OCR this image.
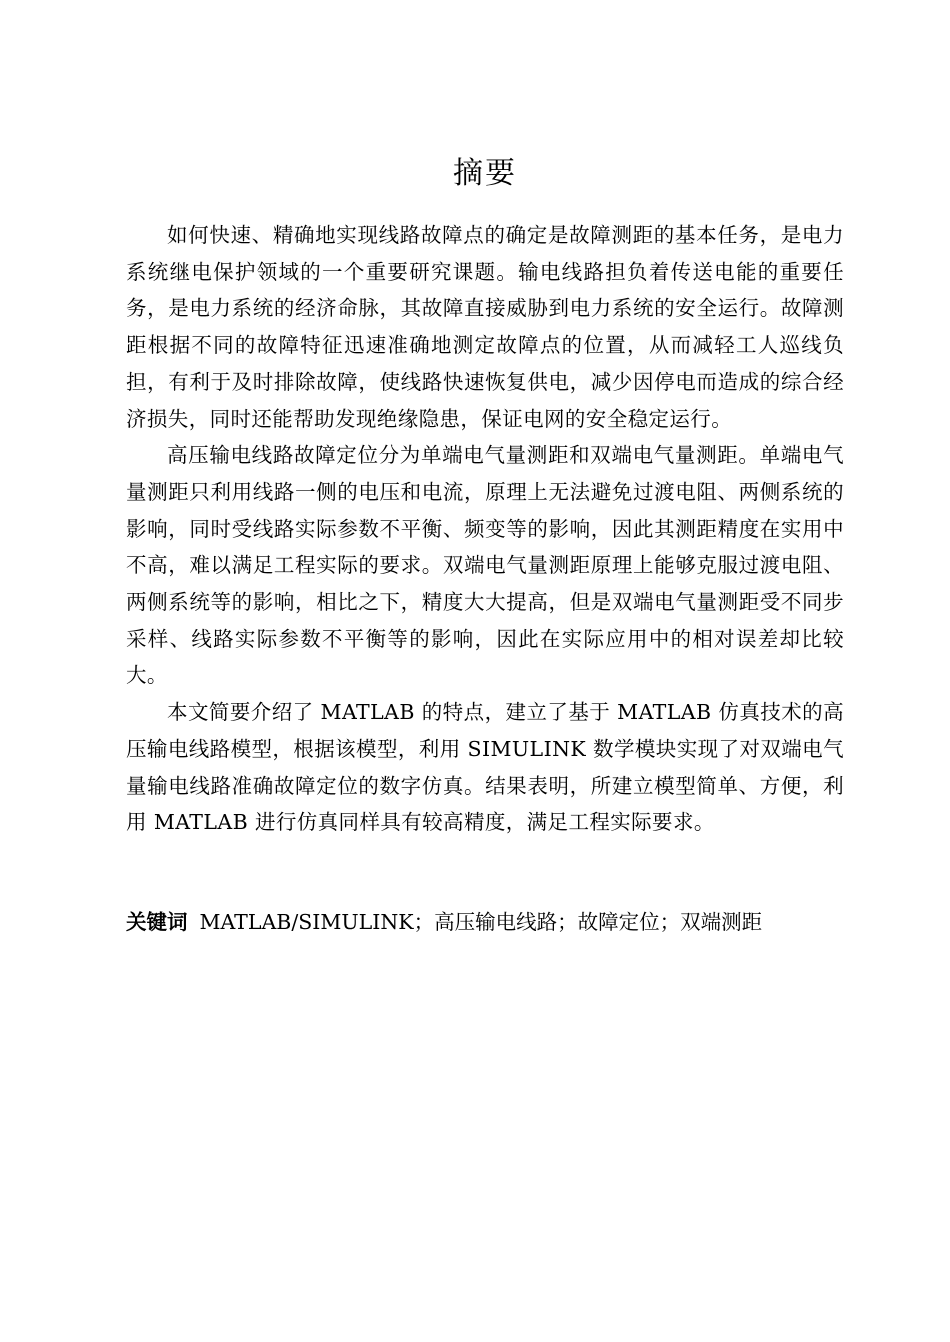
摘要

如何快速、精确地实现线路故障点的确定是故障测距的基本任务，是电力系统继电保护领域的一个重要研究课题。输电线路担负着传送电能的重要任务，是电力系统的经济命脉，其故障直接威胁到电力系统的安全运行。故障测距根据不同的故障特征迅速准确地测定故障点的位置，从而减轻工人巡线负担，有利于及时排除故障，使线路快速恢复供电，减少因停电而造成的综合经济损失，同时还能帮助发现绝缘隐患，保证电网的安全稳定运行。

高压输电线路故障定位分为单端电气量测距和双端电气量测距。单端电气量测距只利用线路一侧的电压和电流，原理上无法避免过渡电阻、两侧系统的影响，同时受线路实际参数不平衡、频变等的影响，因此其测距精度在实用中不高，难以满足工程实际的要求。双端电气量测距原理上能够克服过渡电阻、两侧系统等的影响，相比之下，精度大大提高，但是双端电气量测距受不同步采样、线路实际参数不平衡等的影响，因此在实际应用中的相对误差却比较大。

本文简要介绍了 MATLAB 的特点，建立了基于 MATLAB 仿真技术的高压输电线路模型，根据该模型，利用 SIMULINK 数学模块实现了对双端电气量输电线路准确故障定位的数字仿真。结果表明，所建立模型简单、方便，利用 MATLAB 进行仿真同样具有较高精度，满足工程实际要求。

关键词 MATLAB/SIMULINK；高压输电线路；故障定位；双端测距
